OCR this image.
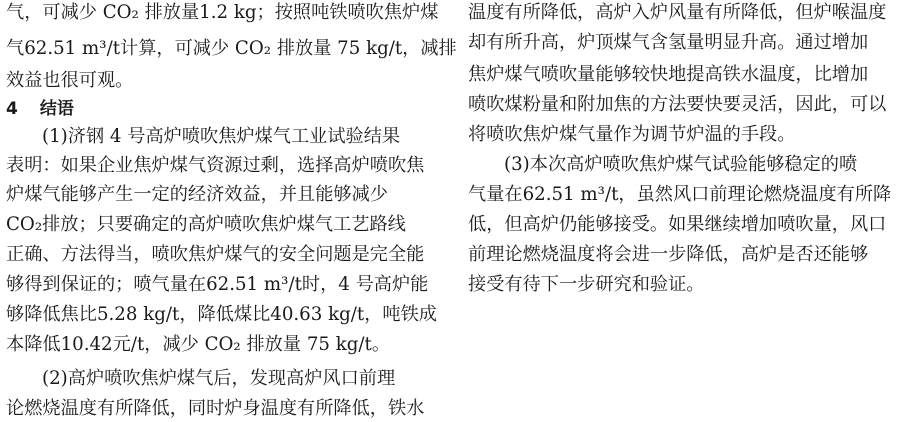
气，可减少 CO₂ 排放量1.2 kg；按照吨铁喷吹焦炉煤
气62.51 m³/t计算，可减少 CO₂ 排放量 75 kg/t，减排
效益也很可观。
4 结语
(1)济钢 4 号高炉喷吹焦炉煤气工业试验结果
表明：如果企业焦炉煤气资源过剩，选择高炉喷吹焦
炉煤气能够产生一定的经济效益，并且能够减少
CO₂排放；只要确定的高炉喷吹焦炉煤气工艺路线
正确、方法得当，喷吹焦炉煤气的安全问题是完全能
够得到保证的；喷气量在62.51 m³/t时，4 号高炉能
够降低焦比5.28 kg/t，降低煤比40.63 kg/t，吨铁成
本降低10.42元/t，减少 CO₂ 排放量 75 kg/t。
(2)高炉喷吹焦炉煤气后，发现高炉风口前理
论燃烧温度有所降低，同时炉身温度有所降低，铁水
温度有所降低，高炉入炉风量有所降低，但炉喉温度
却有所升高，炉顶煤气含氢量明显升高。通过增加
焦炉煤气喷吹量能够较快地提高铁水温度，比增加
喷吹煤粉量和附加焦的方法要快要灵活，因此，可以
将喷吹焦炉煤气量作为调节炉温的手段。
(3)本次高炉喷吹焦炉煤气试验能够稳定的喷
气量在62.51 m³/t，虽然风口前理论燃烧温度有所降
低，但高炉仍能够接受。如果继续增加喷吹量，风口
前理论燃烧温度将会进一步降低，高炉是否还能够
接受有待下一步研究和验证。
